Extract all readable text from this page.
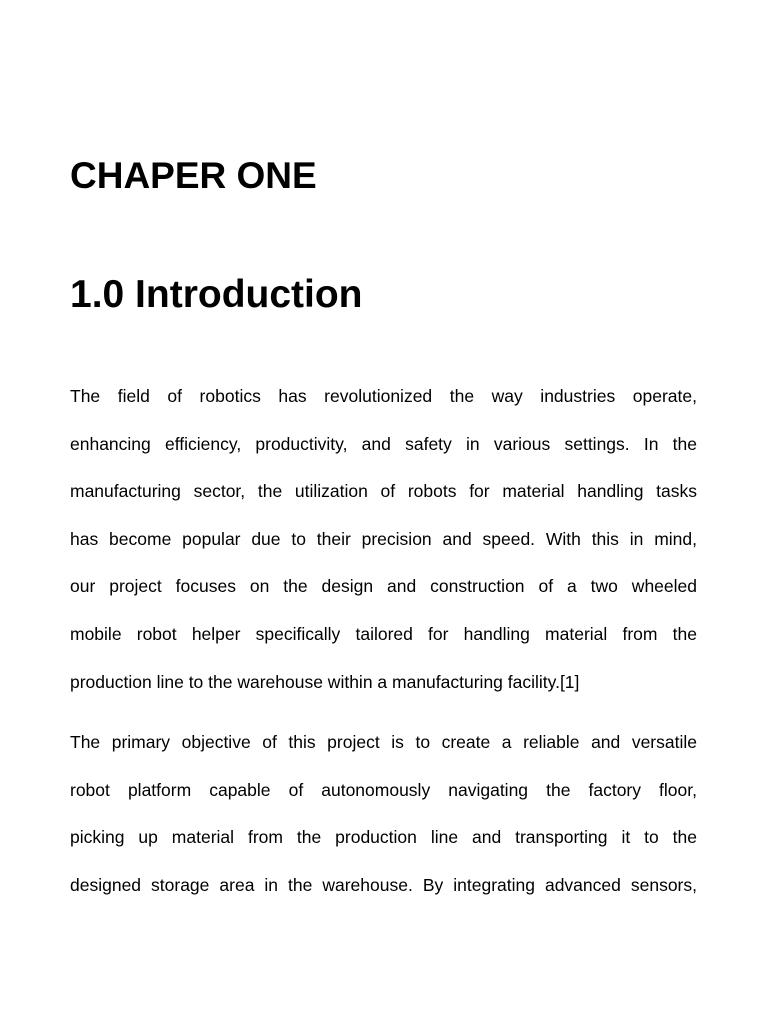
CHAPER ONE
1.0 Introduction

The field of robotics has revolutionized the way industries operate,
enhancing efficiency, productivity, and safety in various settings. In the
manufacturing sector, the utilization of robots for material handling tasks
has become popular due to their precision and speed. With this in mind,
our project focuses on the design and construction of a two wheeled
mobile robot helper specifically tailored for handling material from the
production line to the warehouse within a manufacturing facility.[1]

The primary objective of this project is to create a reliable and versatile
robot platform capable of autonomously navigating the factory floor,
picking up material from the production line and transporting it to the
designed storage area in the warehouse. By integrating advanced sensors,
